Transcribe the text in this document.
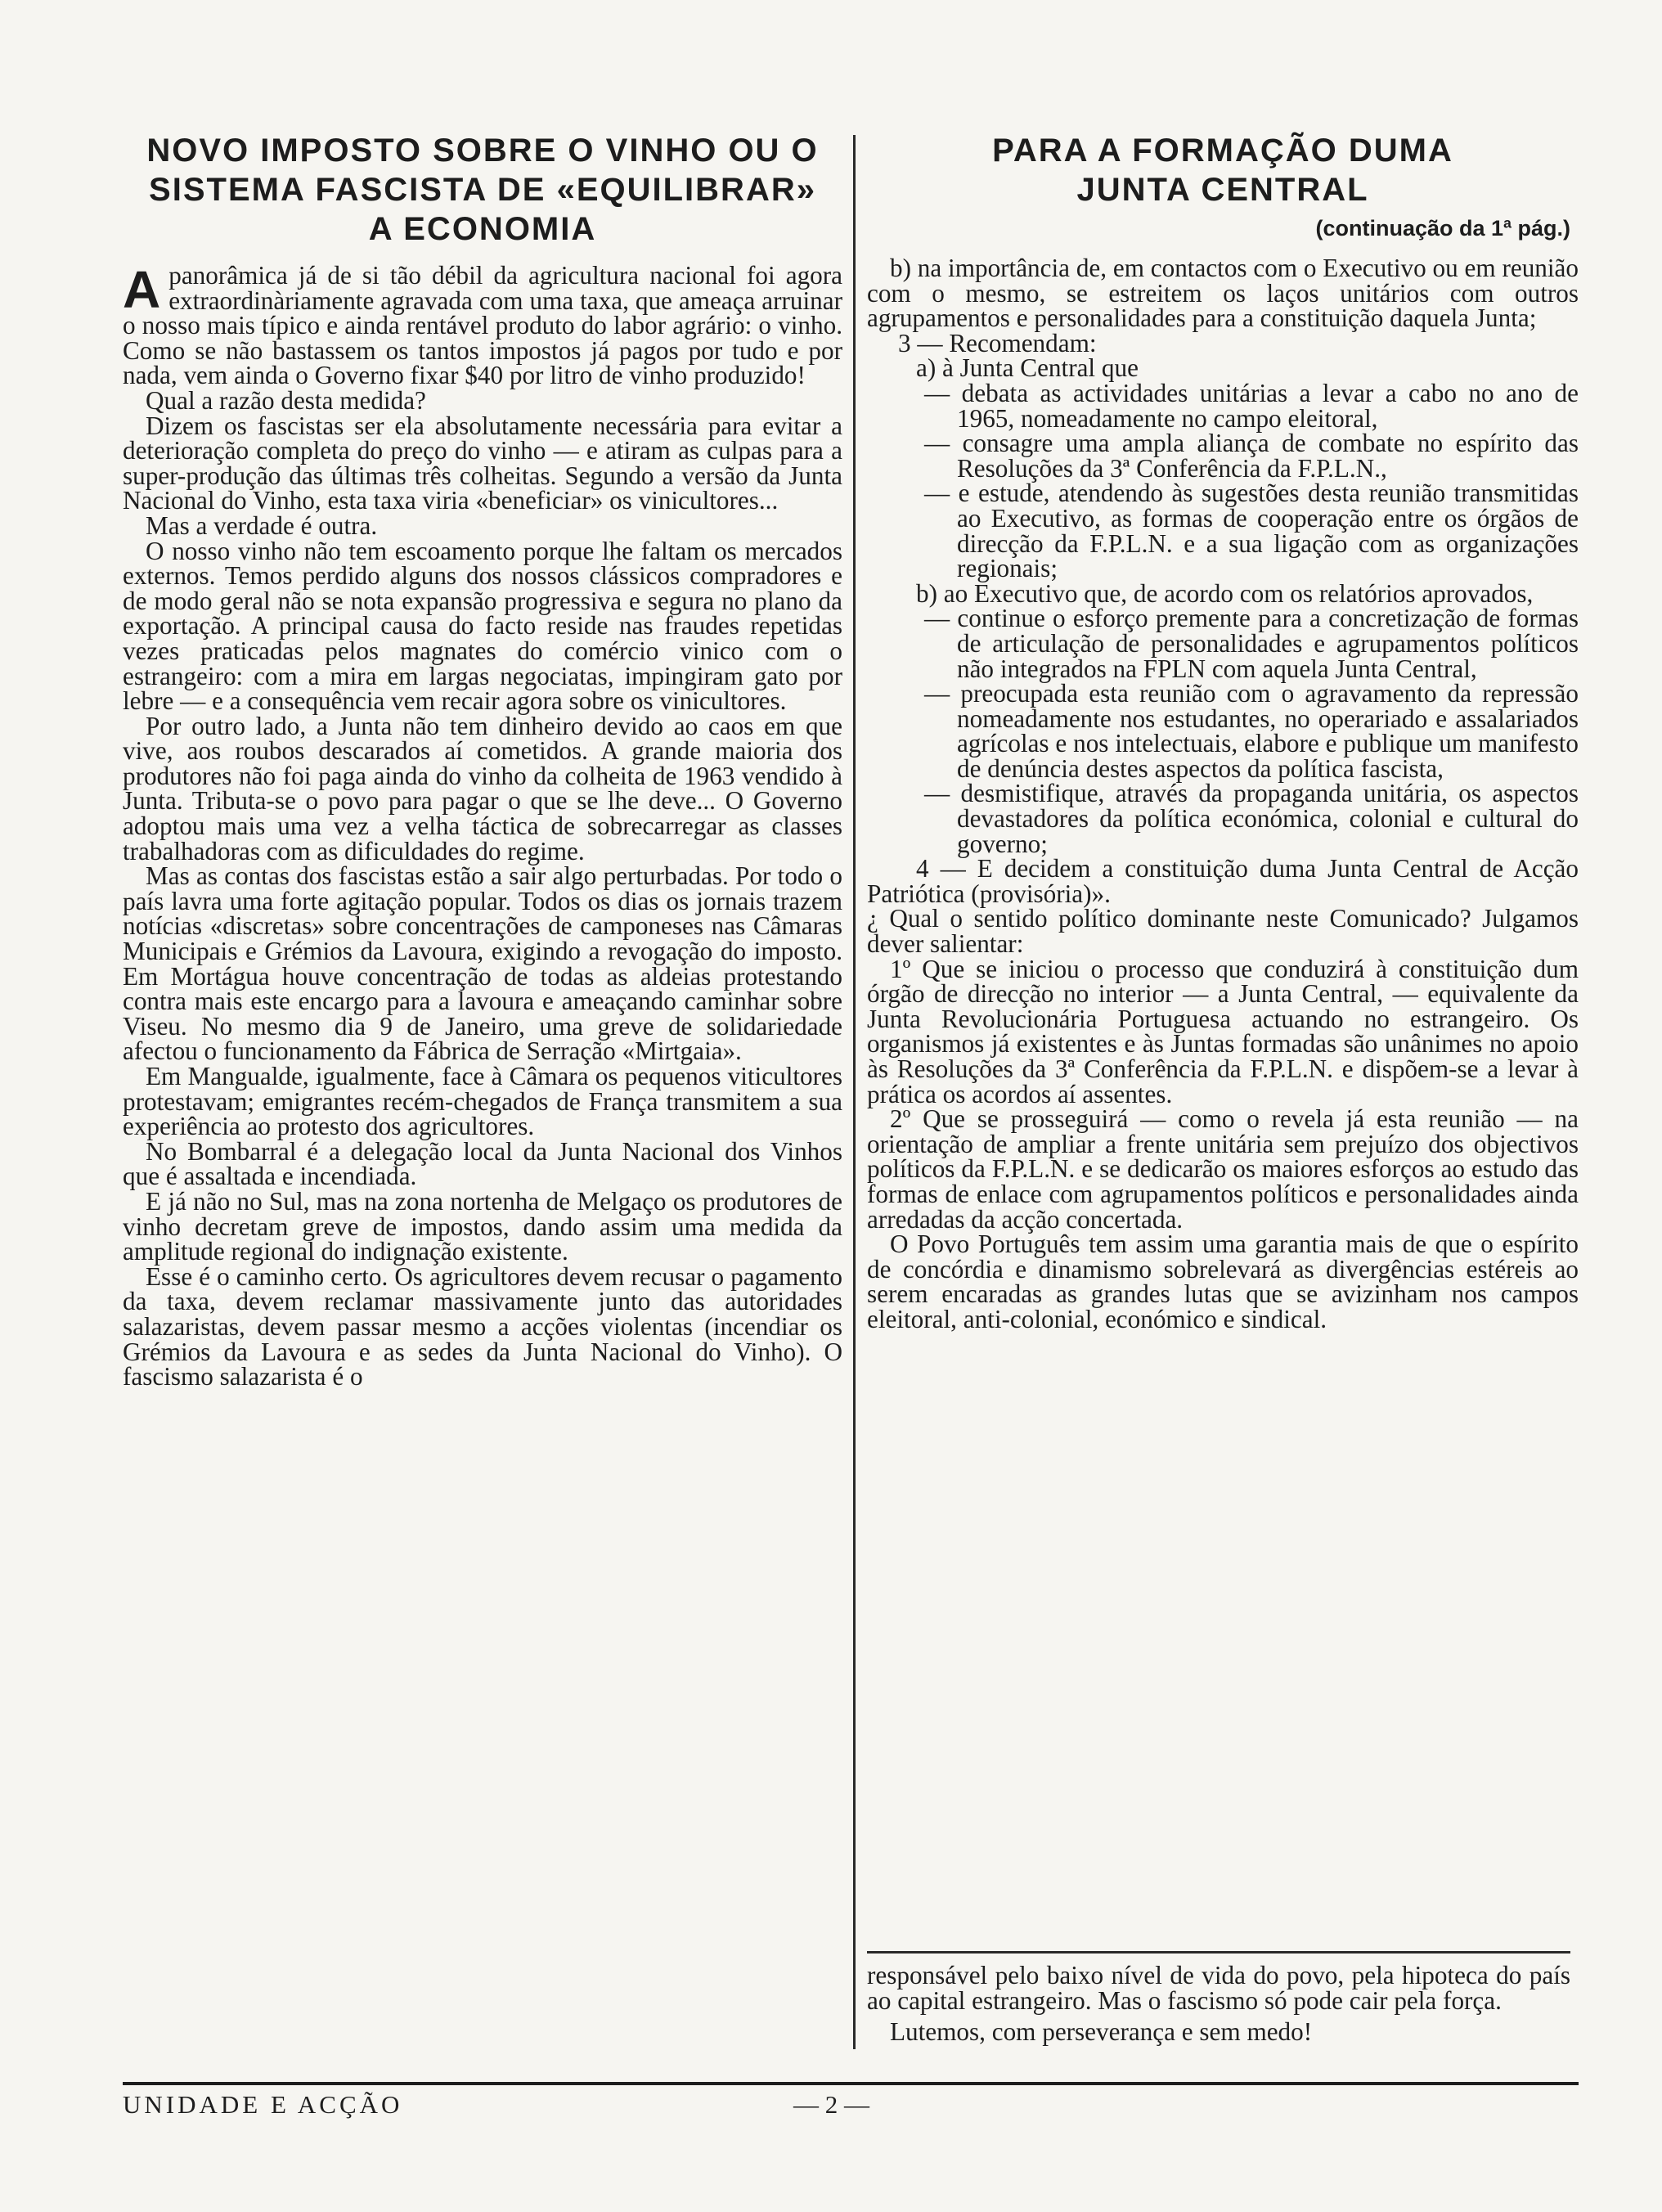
NOVO IMPOSTO SOBRE O VINHO OU O

SISTEMA FASCISTA DE «EQUILIBRAR»

A ECONOMIA

Apanorâmica já de si tão débil da agricultura nacional foi agora extraordinàriamente agravada com uma taxa, que ameaça arruinar o nosso mais típico e ainda rentável produto do labor agrário: o vinho. Como se não bastassem os tantos impostos já pagos por tudo e por nada, vem ainda o Governo fixar $40 por litro de vinho produzido!

Qual a razão desta medida?

Dizem os fascistas ser ela absolutamente necessária para evitar a deterioração completa do preço do vinho — e atiram as culpas para a super-produção das últimas três colheitas. Segundo a versão da Junta Nacional do Vinho, esta taxa viria «beneficiar» os vinicultores...

Mas a verdade é outra.

O nosso vinho não tem escoamento porque lhe faltam os mercados externos. Temos perdido alguns dos nossos clássicos compradores e de modo geral não se nota expansão progressiva e segura no plano da exportação. A principal causa do facto reside nas fraudes repetidas vezes praticadas pelos magnates do comércio vinico com o estrangeiro: com a mira em largas negociatas, impingiram gato por lebre — e a consequência vem recair agora sobre os vinicultores.

Por outro lado, a Junta não tem dinheiro devido ao caos em que vive, aos roubos descarados aí cometidos. A grande maioria dos produtores não foi paga ainda do vinho da colheita de 1963 vendido à Junta. Tributa-se o povo para pagar o que se lhe deve... O Governo adoptou mais uma vez a velha táctica de sobrecarregar as classes trabalhadoras com as dificuldades do regime.

Mas as contas dos fascistas estão a sair algo perturbadas. Por todo o país lavra uma forte agitação popular. Todos os dias os jornais trazem notícias «discretas» sobre concentrações de camponeses nas Câmaras Municipais e Grémios da Lavoura, exigindo a revogação do imposto. Em Mortágua houve concentração de todas as aldeias protestando contra mais este encargo para a lavoura e ameaçando caminhar sobre Viseu. No mesmo dia 9 de Janeiro, uma greve de solidariedade afectou o funcionamento da Fábrica de Serração «Mirtgaia».

Em Mangualde, igualmente, face à Câmara os pequenos viticultores protestavam; emigrantes recém-chegados de França transmitem a sua experiência ao protesto dos agricultores.

No Bombarral é a delegação local da Junta Nacional dos Vinhos que é assaltada e incendiada.

E já não no Sul, mas na zona nortenha de Melgaço os produtores de vinho decretam greve de impostos, dando assim uma medida da amplitude regional do indignação existente.

Esse é o caminho certo. Os agricultores devem recusar o pagamento da taxa, devem reclamar massivamente junto das autoridades salazaristas, devem passar mesmo a acções violentas (incendiar os Grémios da Lavoura e as sedes da Junta Nacional do Vinho). O fascismo salazarista é o

PARA A FORMAÇÃO DUMA

JUNTA CENTRAL

(continuação da 1ª pág.)

b) na importância de, em contactos com o Executivo ou em reunião com o mesmo, se estreitem os laços unitários com outros agrupamentos e personalidades para a constituição daquela Junta;

3 — Recomendam:

a) à Junta Central que

— debata as actividades unitárias a levar a cabo no ano de 1965, nomeadamente no campo eleitoral,

— consagre uma ampla aliança de combate no espírito das Resoluções da 3ª Conferência da F.P.L.N.,

— e estude, atendendo às sugestões desta reunião transmitidas ao Executivo, as formas de cooperação entre os órgãos de direcção da F.P.L.N. e a sua ligação com as organizações regionais;

b) ao Executivo que, de acordo com os relatórios aprovados,

— continue o esforço premente para a concretização de formas de articulação de personalidades e agrupamentos políticos não integrados na FPLN com aquela Junta Central,

— preocupada esta reunião com o agravamento da repressão nomeadamente nos estudantes, no operariado e assalariados agrícolas e nos intelectuais, elabore e publique um manifesto de denúncia destes aspectos da política fascista,

— desmistifique, através da propaganda unitária, os aspectos devastadores da política económica, colonial e cultural do governo;

4 — E decidem a constituição duma Junta Central de Acção Patriótica (provisória)».

¿ Qual o sentido político dominante neste Comunicado? Julgamos dever salientar:

1º Que se iniciou o processo que conduzirá à constituição dum órgão de direcção no interior — a Junta Central, — equivalente da Junta Revolucionária Portuguesa actuando no estrangeiro. Os organismos já existentes e às Juntas formadas são unânimes no apoio às Resoluções da 3ª Conferência da F.P.L.N. e dispõem-se a levar à prática os acordos aí assentes.

2º Que se prosseguirá — como o revela já esta reunião — na orientação de ampliar a frente unitária sem prejuízo dos objectivos políticos da F.P.L.N. e se dedicarão os maiores esforços ao estudo das formas de enlace com agrupamentos políticos e personalidades ainda arredadas da acção concertada.

O Povo Português tem assim uma garantia mais de que o espírito de concórdia e dinamismo sobrelevará as divergências estéreis ao serem encaradas as grandes lutas que se avizinham nos campos eleitoral, anti-colonial, económico e sindical.

responsável pelo baixo nível de vida do povo, pela hipoteca do país ao capital estrangeiro. Mas o fascismo só pode cair pela força.

Lutemos, com perseverança e sem medo!

UNIDADE E ACÇÃO	— 2 —
